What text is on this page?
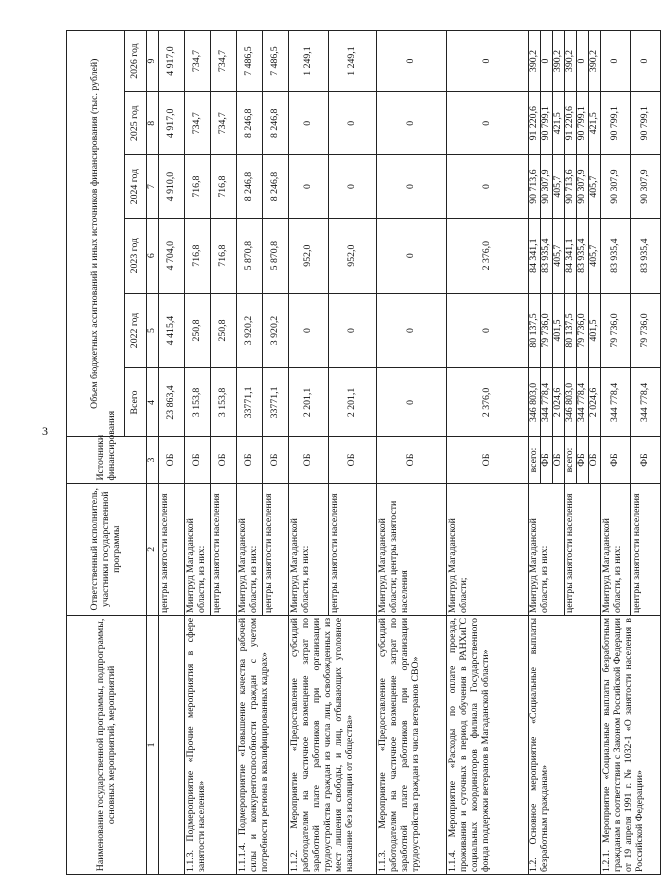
3
Наименование государственной программы, подпрограммы, основных мероприятий, мероприятий	Ответственный исполнитель, участники государственной программы	Источники финансирования	Объем бюджетных ассигнований и иных источников финансирования (тыс. рублей)					
			Всего	2022 год	2023 год	2024 год	2025 год	2026 год
1	2	3	4	5	6	7	8	9
	центры занятости населения	ОБ	23 863,4	4 415,4	4 704,0	4 910,0	4 917,0	4 917,0
1.1.3. Подмероприятие «Прочие мероприятия в сфере занятости населения»	Минтруд Магаданской области, из них:	ОБ	3 153,8	250,8	716,8	716,8	734,7	734,7
	центры занятости населения	ОБ	3 153,8	250,8	716,8	716,8	734,7	734,7
1.1.1.4. Подмероприятие «Повышение качества рабочей силы и конкурентоспособности граждан с учетом потребности региона в квалифицированных кадрах»	Минтруд Магаданской области, из них:	ОБ	33771,1	3 920,2	5 870,8	8 246,8	8 246,8	7 486,5
	центры занятости населения	ОБ	33771,1	3 920,2	5 870,8	8 246,8	8 246,8	7 486,5
1.1.2. Мероприятие «Предоставление субсидий работодателям на частичное возмещение затрат по заработной плате работников при организации трудоустройства граждан из числа лиц, освобожденных из мест лишения свободы, и лиц, отбывающих уголовное наказание без изоляции от общества»	Минтруд Магаданской области, из них:	ОБ	2 201,1	0	952,0	0	0	1 249,1
	центры занятости населения	ОБ	2 201,1	0	952,0	0	0	1 249,1
1.1.3. Мероприятие «Предоставление субсидий работодателям на частичное возмещение затрат по заработной плате работников при организации трудоустройства граждан из числа ветеранов СВО»	Минтруд Магаданской области; центры занятости населения	ОБ	0	0	0	0	0	0
1.1.4. Мероприятие «Расходы по оплате проезда, проживания и суточных в период обучения в РАНХиГС социальных координаторов филиала Государственного фонда поддержки ветеранов в Магаданской области»	Минтруд Магаданской области;	ОБ	2 376,0	0	2 376,0	0	0	0
1.2. Основное мероприятие «Социальные выплаты безработным гражданам»	Минтруд Магаданской области, из них:	всего:	346 803,0	80 137,5	84 341,1	90 713,6	91 220,6	390,2
		ФБ	344 778,4	79 736,0	83 935,4	90 307,9	90 799,1	0
		ОБ	2 024,6	401,5	405,7	405,7	421,5	390,2
	центры занятости населения	всего:	346 803,0	80 137,5	84 341,1	90 713,6	91 220,6	390,2
		ФБ	344 778,4	79 736,0	83 935,4	90 307,9	90 799,1	0
		ОБ	2 024,6	401,5	405,7	405,7	421,5	390,2
1.2.1. Мероприятие «Социальные выплаты безработным гражданам в соответствии с Законом Российской Федерации от 19 апреля 1991 г. № 1032-1 «О занятости населения в Российской Федерации»	Минтруд Магаданской области, из них:	ФБ	344 778,4	79 736,0	83 935,4	90 307,9	90 799,1	0
	центры занятости населения	ФБ	344 778,4	79 736,0	83 935,4	90 307,9	90 799,1	0
